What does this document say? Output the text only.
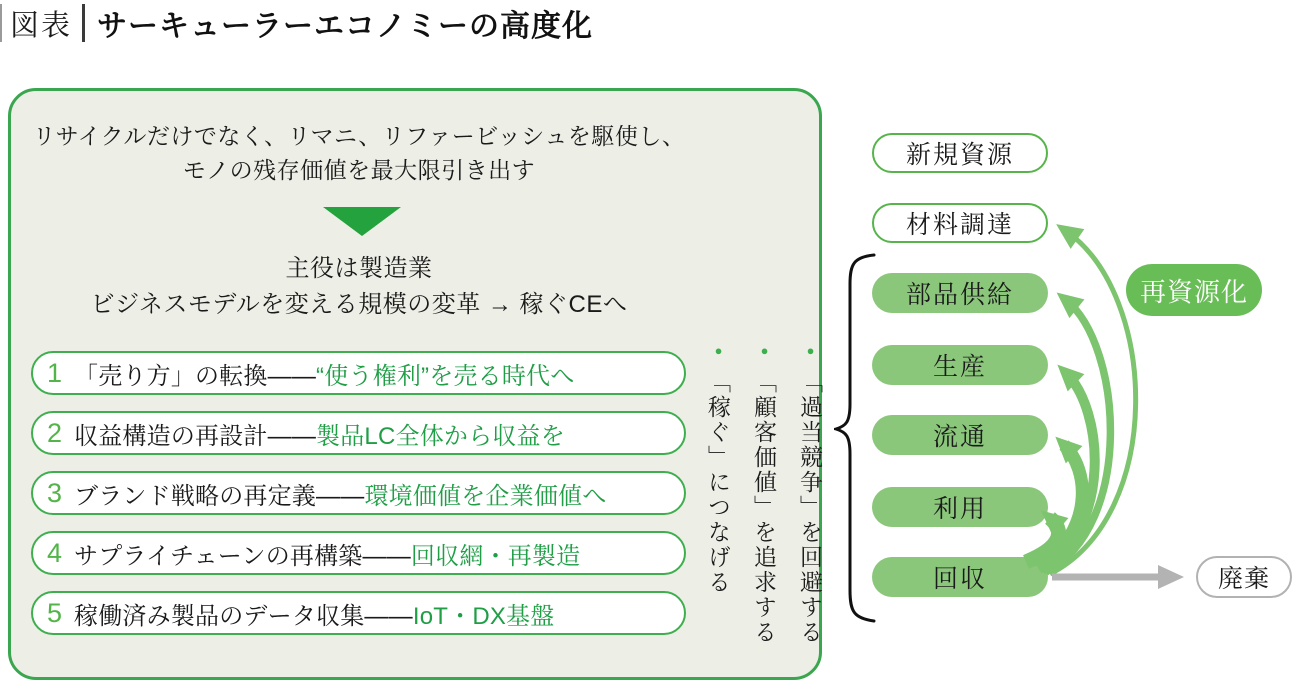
図表 サーキューラーエコノミーの高度化
リサイクルだけでなく、リマニ、リファービッシュを駆使し、
モノの残存価値を最大限引き出す
主役は製造業
ビジネスモデルを変える規模の変革 → 稼ぐCEへ
1 「売り方」の転換—— “使う権利”を売る時代へ
2 収益構造の再設計—— 製品LC全体から収益を
3 ブランド戦略の再定義—— 環境価値を企業価値へ
4 サプライチェーンの再構築—— 回収網・再製造
5 稼働済み製品のデータ収集—— IoT・DX基盤
●「過当競争」を回避する
●「顧客価値」を追求する
●「稼ぐ」につなげる
新規資源
材料調達
部品供給
生産
流通
利用
回収
再資源化
廃棄
